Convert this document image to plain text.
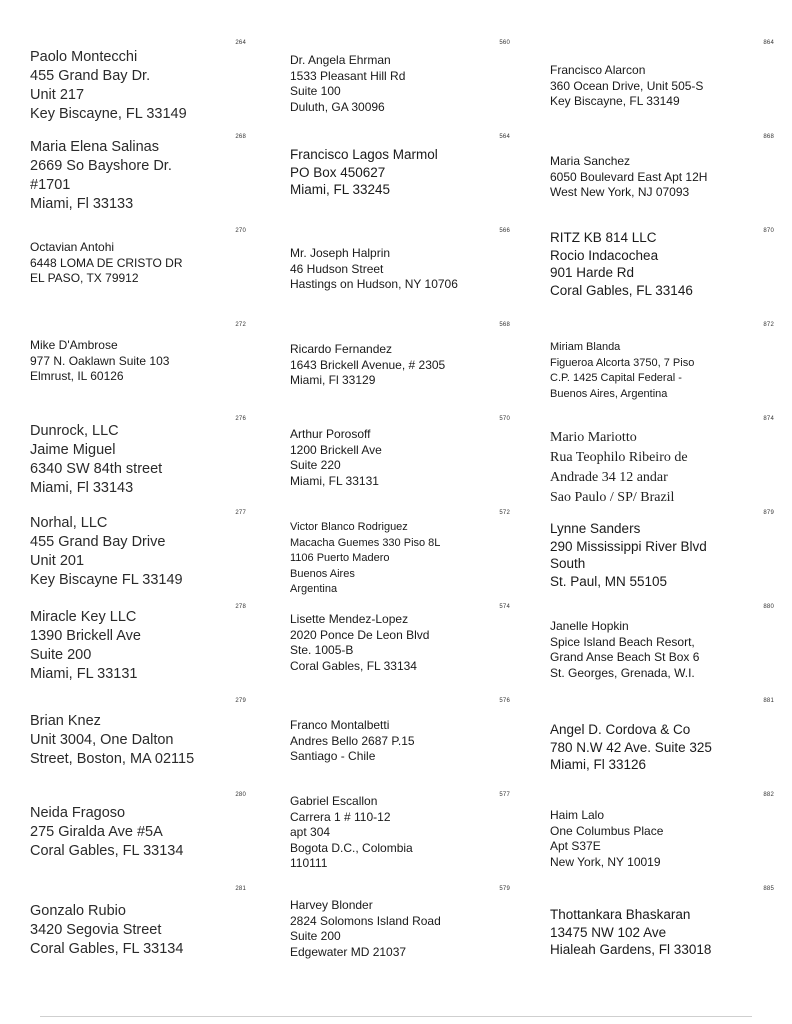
264
Paolo Montecchi
455 Grand Bay Dr.
Unit 217
Key Biscayne, FL 33149
268
Maria Elena Salinas
2669 So Bayshore Dr.
#1701
Miami, Fl 33133
270
Octavian Antohi
6448 LOMA DE CRISTO DR
EL PASO, TX 79912
272
Mike D'Ambrose
977 N. Oaklawn Suite 103
Elmrust, IL 60126
276
Dunrock, LLC
Jaime Miguel
6340 SW 84th street
Miami, Fl 33143
277
Norhal, LLC
455 Grand Bay Drive
Unit 201
Key Biscayne FL 33149
278
Miracle Key LLC
1390 Brickell Ave
Suite 200
Miami, FL 33131
279
Brian Knez
Unit 3004, One Dalton
Street, Boston, MA 02115
280
Neida Fragoso
275 Giralda Ave #5A
Coral Gables, FL 33134
281
Gonzalo Rubio
3420 Segovia Street
Coral Gables, FL 33134
560
Dr. Angela Ehrman
1533 Pleasant Hill Rd
Suite 100
Duluth, GA 30096
564
Francisco Lagos Marmol
PO Box 450627
Miami, FL 33245
566
Mr. Joseph Halprin
46 Hudson Street
Hastings on Hudson, NY 10706
568
Ricardo Fernandez
1643 Brickell Avenue, # 2305
Miami, Fl 33129
570
Arthur Porosoff
1200 Brickell Ave
Suite 220
Miami, FL 33131
572
Victor Blanco Rodriguez
Macacha Guemes 330 Piso 8L
1106 Puerto Madero
Buenos Aires
Argentina
574
Lisette Mendez-Lopez
2020 Ponce De Leon Blvd
Ste. 1005-B
Coral Gables, FL 33134
576
Franco Montalbetti
Andres Bello 2687 P.15
Santiago - Chile
577
Gabriel Escallon
Carrera 1 # 110-12
apt 304
Bogota D.C., Colombia
110111
579
Harvey Blonder
2824 Solomons Island Road
Suite 200
Edgewater MD 21037
864
Francisco Alarcon
360 Ocean Drive, Unit 505-S
Key Biscayne, FL 33149
868
Maria Sanchez
6050 Boulevard East Apt 12H
West New York, NJ 07093
870
RITZ KB 814 LLC
Rocio Indacochea
901 Harde Rd
Coral Gables, FL 33146
872
Miriam Blanda
Figueroa Alcorta 3750, 7 Piso
C.P. 1425 Capital Federal -
Buenos Aires, Argentina
874
Mario Mariotto
Rua Teophilo Ribeiro de
Andrade 34 12 andar
Sao Paulo / SP/ Brazil
879
Lynne Sanders
290 Mississippi River Blvd
South
St. Paul, MN 55105
880
Janelle Hopkin
Spice Island Beach Resort,
Grand Anse Beach St Box 6
St. Georges, Grenada, W.I.
881
Angel D. Cordova & Co
780 N.W 42 Ave. Suite 325
Miami, Fl 33126
882
Haim Lalo
One Columbus Place
Apt S37E
New York, NY 10019
885
Thottankara Bhaskaran
13475 NW 102 Ave
Hialeah Gardens, Fl 33018
